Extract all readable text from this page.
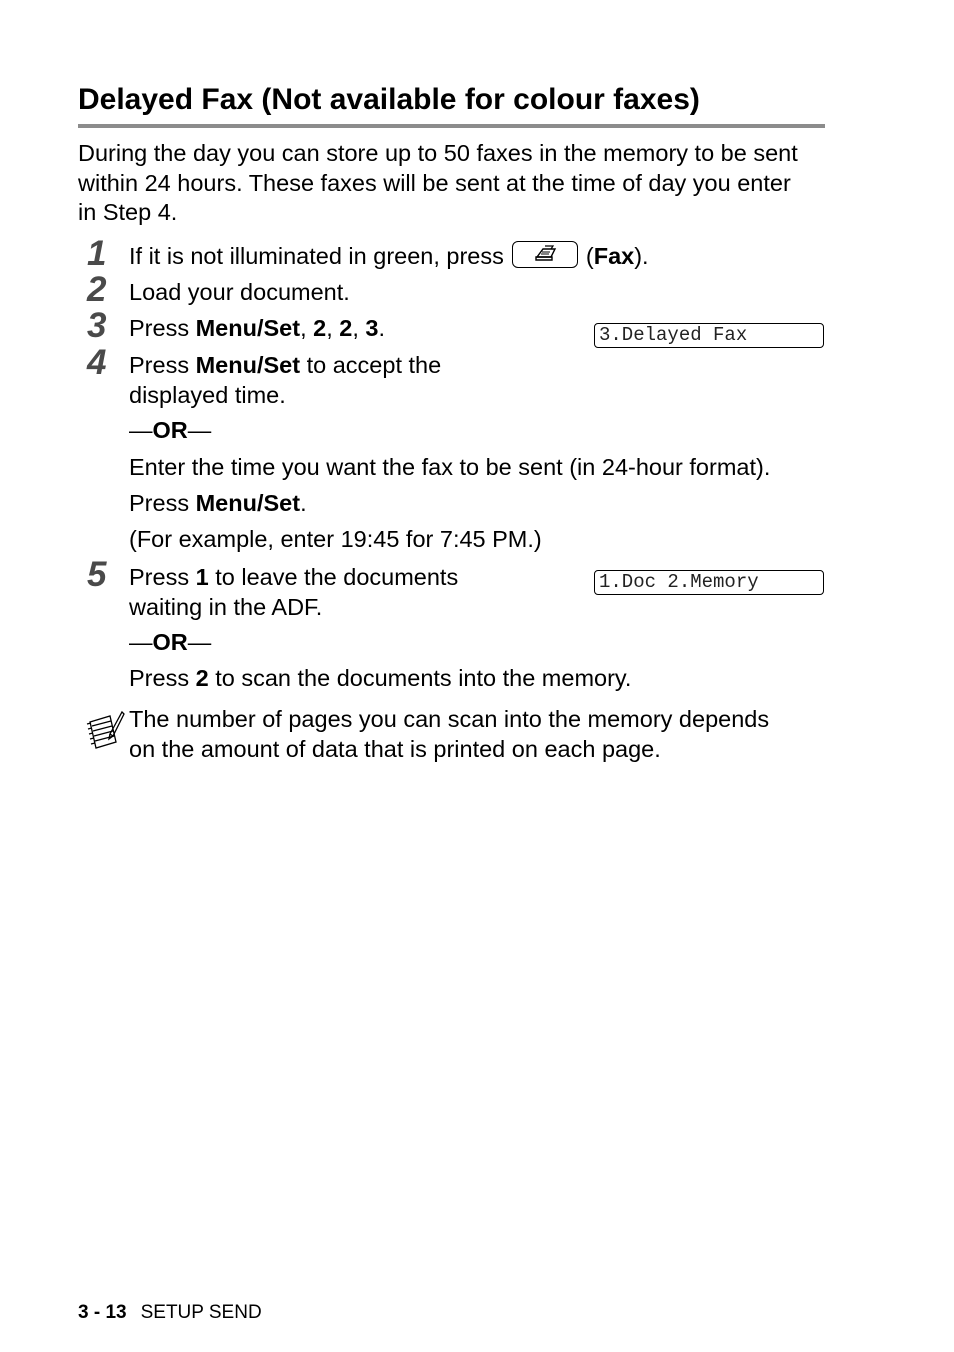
Delayed Fax (Not available for colour faxes)
During the day you can store up to 50 faxes in the memory to be sent
within 24 hours. These faxes will be sent at the time of day you enter
in Step 4.
1 If it is not illuminated in green, press	(Fax).
2 Load your document.
3 Press Menu/Set, 2, 2, 3.	3.Delayed Fax
4 Press Menu/Set to accept the
displayed time.
—OR—
Enter the time you want the fax to be sent (in 24-hour format).
Press Menu/Set.
(For example, enter 19:45 for 7:45 PM.)
5 Press 1 to leave the documents
waiting in the ADF.
1.Doc 2.Memory
—OR—
Press 2 to scan the documents into the memory.
The number of pages you can scan into the memory depends
on the amount of data that is printed on each page.
3 - 13 SETUP SEND
